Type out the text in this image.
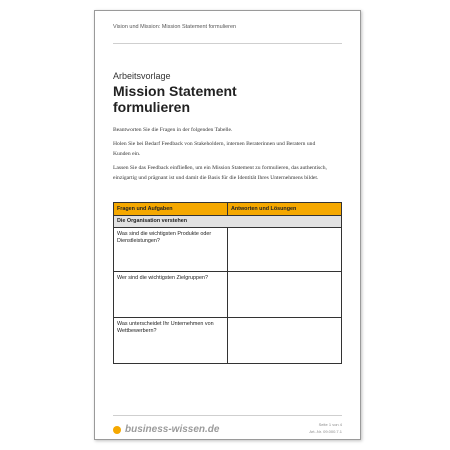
Vision und Mission: Mission Statement formulieren
Arbeitsvorlage
Mission Statement
formulieren
Beantworten Sie die Fragen in der folgenden Tabelle.
Holen Sie bei Bedarf Feedback von Stakeholdern, internen Beraterinnen und Beratern und Kunden ein.
Lassen Sie das Feedback einfließen, um ein Mission Statement zu formulieren, das authentisch, einzigartig und prägnant ist und damit die Basis für die Identität Ihres Unternehmens bildet.
Fragen und Aufgaben	Antworten und Lösungen
Die Organisation verstehen	
Was sind die wichtigsten Produkte oder Dienstleistungen?	
Wer sind die wichtigsten Zielgruppen?	
Was unterscheidet Ihr Unternehmen von Wettbewerbern?	
business-wissen.de	Seite 1 von 4
Art.-Nr. 09.000.7.1
